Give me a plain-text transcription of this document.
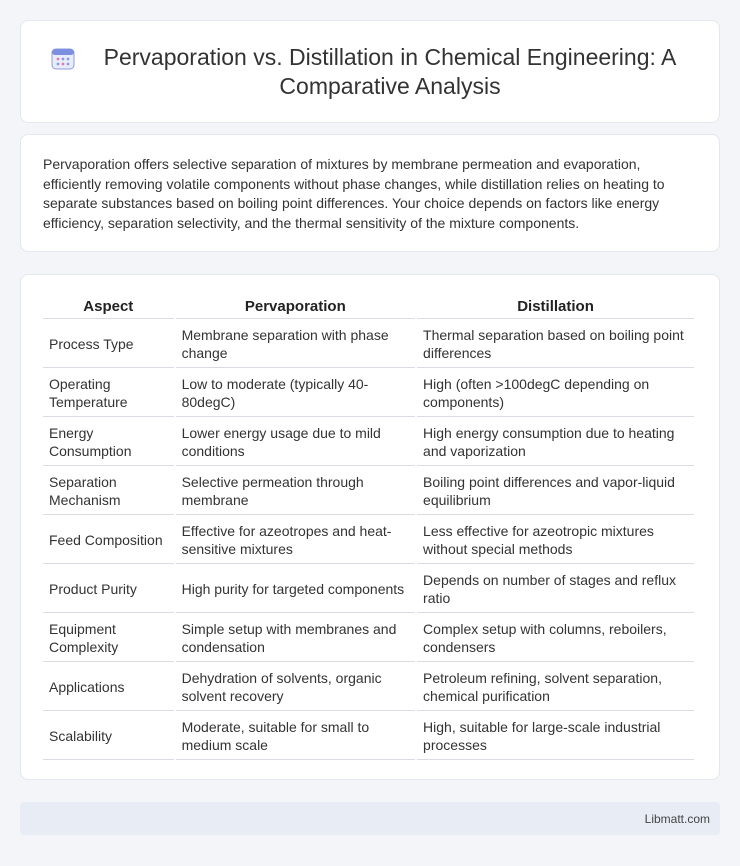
Pervaporation vs. Distillation in Chemical Engineering: A Comparative Analysis

Pervaporation offers selective separation of mixtures by membrane permeation and evaporation, efficiently removing volatile components without phase changes, while distillation relies on heating to separate substances based on boiling point differences. Your choice depends on factors like energy efficiency, separation selectivity, and the thermal sensitivity of the mixture components.

Aspect	Pervaporation	Distillation
Process Type	Membrane separation with phase change	Thermal separation based on boiling point differences
Operating Temperature	Low to moderate (typically 40-80degC)	High (often >100degC depending on components)
Energy Consumption	Lower energy usage due to mild conditions	High energy consumption due to heating and vaporization
Separation Mechanism	Selective permeation through membrane	Boiling point differences and vapor-liquid equilibrium
Feed Composition	Effective for azeotropes and heat-sensitive mixtures	Less effective for azeotropic mixtures without special methods
Product Purity	High purity for targeted components	Depends on number of stages and reflux ratio
Equipment Complexity	Simple setup with membranes and condensation	Complex setup with columns, reboilers, condensers
Applications	Dehydration of solvents, organic solvent recovery	Petroleum refining, solvent separation, chemical purification
Scalability	Moderate, suitable for small to medium scale	High, suitable for large-scale industrial processes
Libmatt.com
